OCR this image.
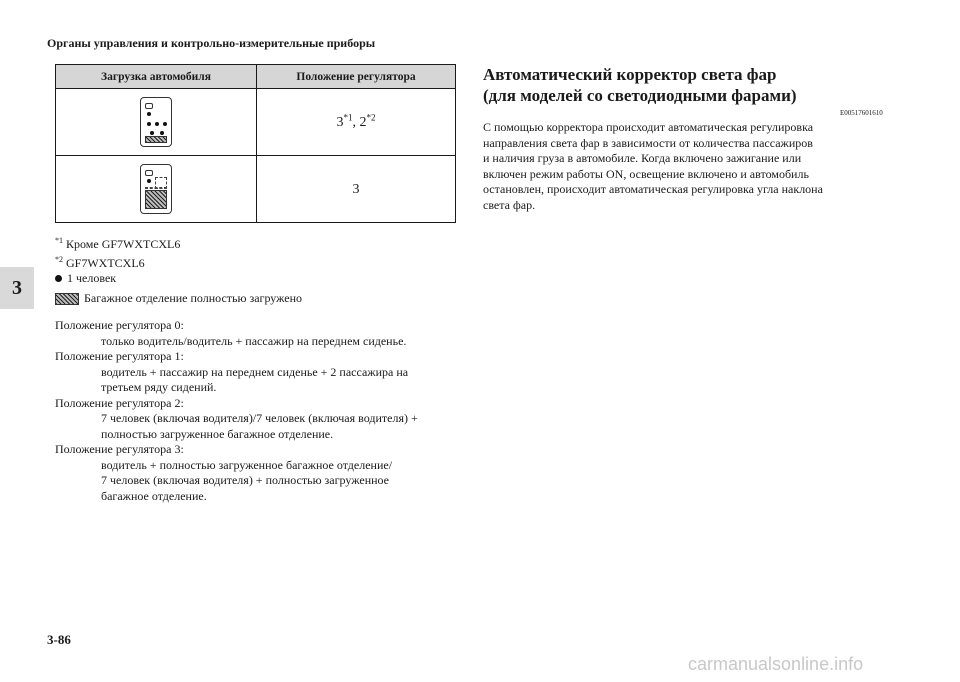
Органы управления и контрольно-измерительные приборы
3
Загрузка автомобиля	Положение регулятора

	3$^{*1}$, 2$^{*2}$

	3
$^{*1}$ Кроме GF7WXTCXL6
$^{*2}$ GF7WXTCXL6
1 человек
Багажное отделение полностью загружено
Положение регулятора 0:
только водитель/водитель + пассажир на переднем сиденье.
Положение регулятора 1:
водитель + пассажир на переднем сиденье + 2 пассажира на
третьем ряду сидений.
Положение регулятора 2:
7 человек (включая водителя)/7 человек (включая водителя) +
полностью загруженное багажное отделение.
Положение регулятора 3:
водитель + полностью загруженное багажное отделение/
7 человек (включая водителя) + полностью загруженное
багажное отделение.
Автоматический корректор света фар
(для моделей со светодиодными фарами)
E00517601610
С помощью корректора происходит автоматическая регулировка
направления света фар в зависимости от количества пассажиров
и наличия груза в автомобиле. Когда включено зажигание или
включен режим работы ON, освещение включено и автомобиль
остановлен, происходит автоматическая регулировка угла наклона
света фар.
3-86
carmanualsonline.info
